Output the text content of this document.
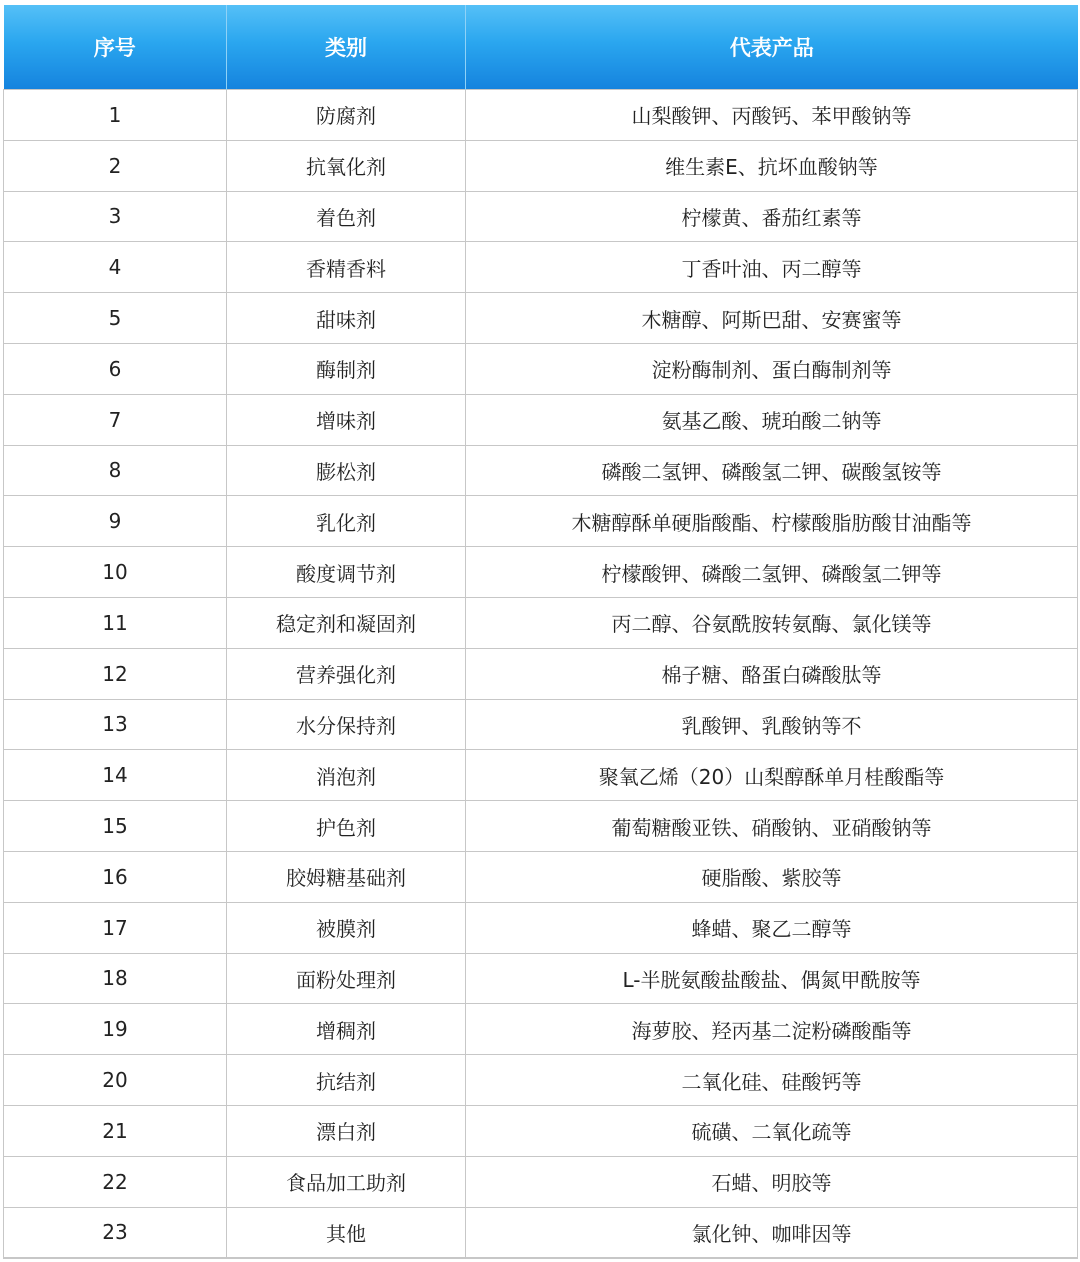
序号	类别	代表产品
1	防腐剂	山梨酸钾、丙酸钙、苯甲酸钠等
2	抗氧化剂	维生素E、抗坏血酸钠等
3	着色剂	柠檬黄、番茄红素等
4	香精香料	丁香叶油、丙二醇等
5	甜味剂	木糖醇、阿斯巴甜、安赛蜜等
6	酶制剂	淀粉酶制剂、蛋白酶制剂等
7	增味剂	氨基乙酸、琥珀酸二钠等
8	膨松剂	磷酸二氢钾、磷酸氢二钾、碳酸氢铵等
9	乳化剂	木糖醇酥单硬脂酸酯、柠檬酸脂肪酸甘油酯等
10	酸度调节剂	柠檬酸钾、磷酸二氢钾、磷酸氢二钾等
11	稳定剂和凝固剂	丙二醇、谷氨酰胺转氨酶、氯化镁等
12	营养强化剂	棉子糖、酪蛋白磷酸肽等
13	水分保持剂	乳酸钾、乳酸钠等不
14	消泡剂	聚氧乙烯（20）山梨醇酥单月桂酸酯等
15	护色剂	葡萄糖酸亚铁、硝酸钠、亚硝酸钠等
16	胶姆糖基础剂	硬脂酸、紫胶等
17	被膜剂	蜂蜡、聚乙二醇等
18	面粉处理剂	L-半胱氨酸盐酸盐、偶氮甲酰胺等
19	增稠剂	海萝胶、羟丙基二淀粉磷酸酯等
20	抗结剂	二氧化硅、硅酸钙等
21	漂白剂	硫磺、二氧化疏等
22	食品加工助剂	石蜡、明胶等
23	其他	氯化钟、咖啡因等
